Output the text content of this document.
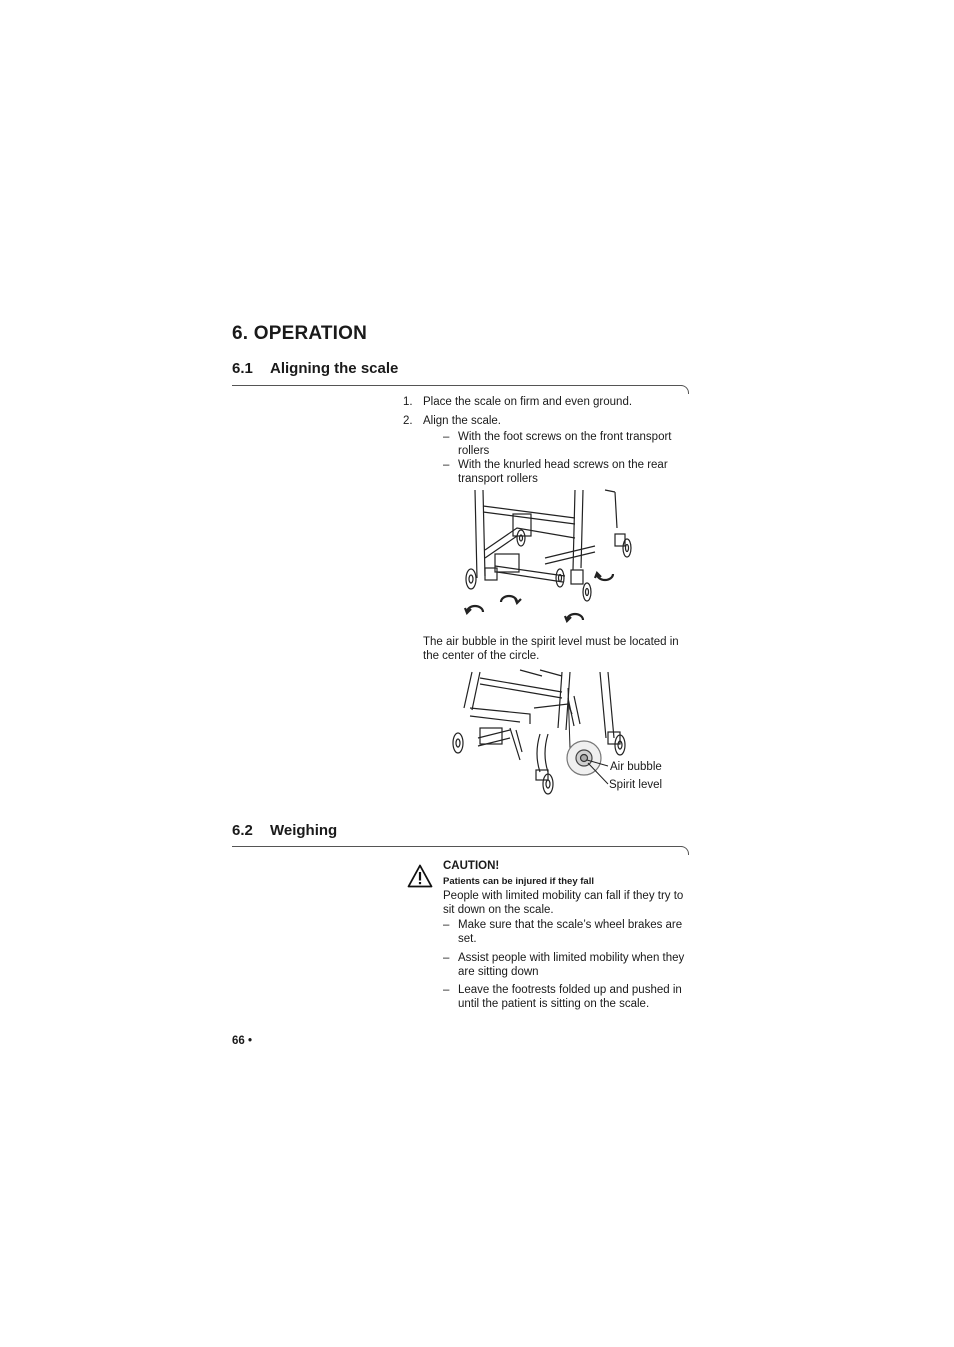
6. OPERATION
6.1 Aligning the scale
1. Place the scale on firm and even ground.
2. Align the scale.
– With the foot screws on the front transport rollers
– With the knurled head screws on the rear transport rollers
The air bubble in the spirit level must be located in the center of the circle.
Air bubble
Spirit level
6.2 Weighing
CAUTION!
Patients can be injured if they fall
People with limited mobility can fall if they try to sit down on the scale.
– Make sure that the scale’s wheel brakes are set.
– Assist people with limited mobility when they are sitting down
– Leave the footrests folded up and pushed in until the patient is sitting on the scale.
66 •
